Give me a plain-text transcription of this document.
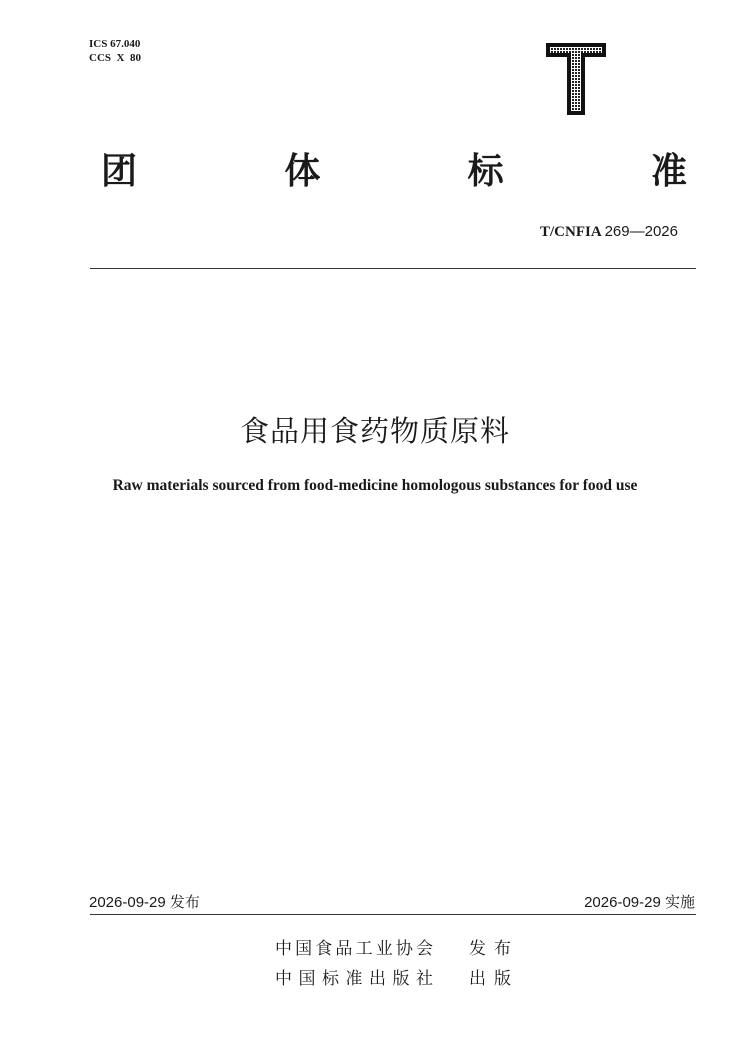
ICS 67.040
CCS  X  80
团	体	标	准
T/CNFIA 269—2026
食品用食药物质原料
Raw materials sourced from food-medicine homologous substances for food use
2026-09-29 发布	2026-09-29 实施
中 国 食 品 工 业 协 会 发 布
中 国 标 准 出 版 社 出 版
